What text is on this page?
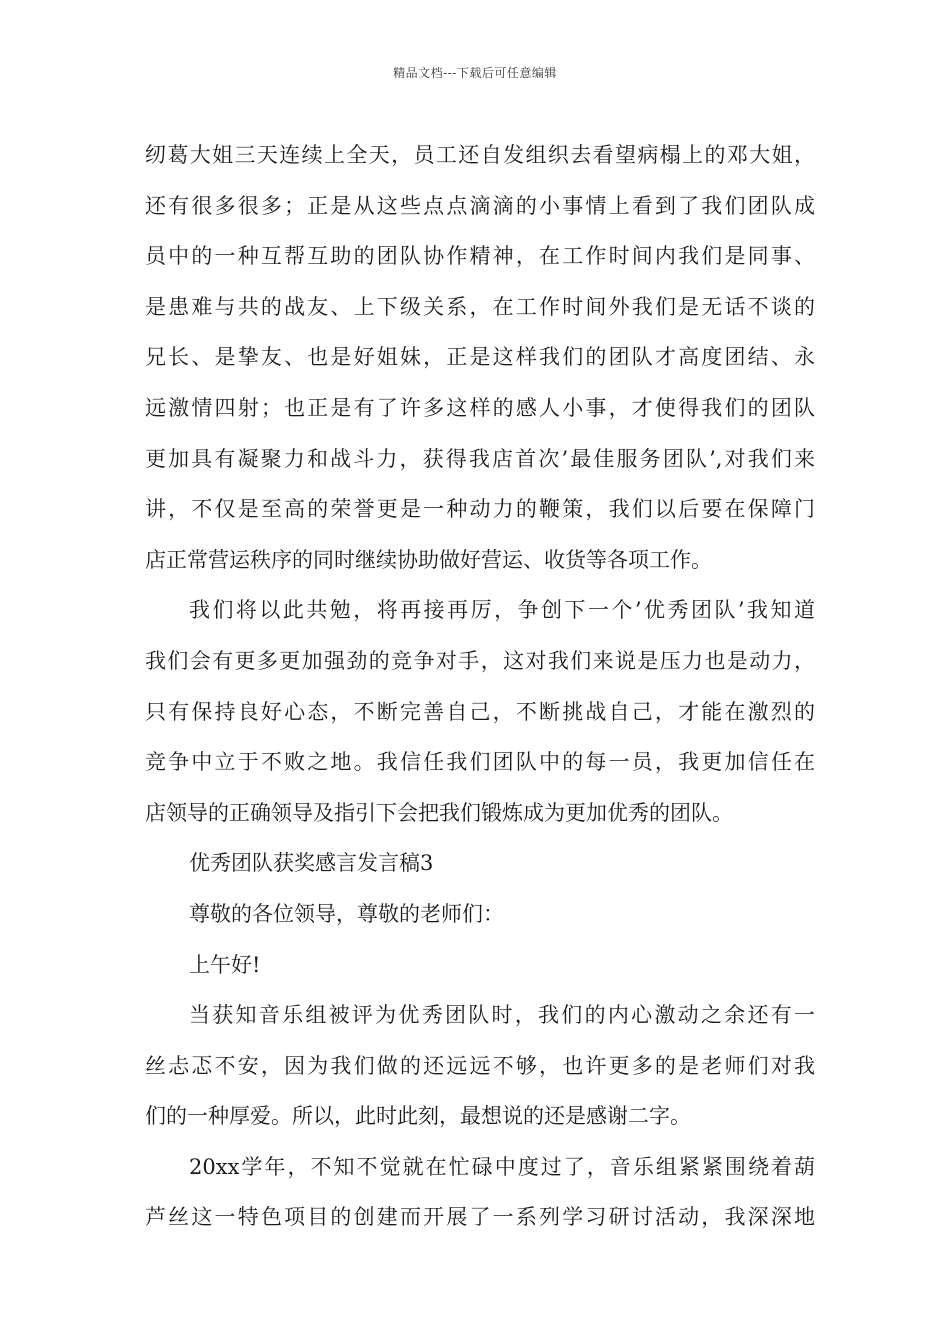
精品文档---下载后可任意编辑
纫葛大姐三天连续上全天，员工还自发组织去看望病榻上的邓大姐，
还有很多很多；正是从这些点点滴滴的小事情上看到了我们团队成
员中的一种互帮互助的团队协作精神，在工作时间内我们是同事、
是患难与共的战友、上下级关系，在工作时间外我们是无话不谈的
兄长、是挚友、也是好姐妹，正是这样我们的团队才高度团结、永
远激情四射；也正是有了许多这样的感人小事，才使得我们的团队
更加具有凝聚力和战斗力，获得我店首次’最佳服务团队’,对我们来
讲，不仅是至高的荣誉更是一种动力的鞭策，我们以后要在保障门
店正常营运秩序的同时继续协助做好营运、收货等各项工作。
我们将以此共勉，将再接再厉，争创下一个’优秀团队’我知道
我们会有更多更加强劲的竞争对手，这对我们来说是压力也是动力，
只有保持良好心态，不断完善自己，不断挑战自己，才能在激烈的
竞争中立于不败之地。我信任我们团队中的每一员，我更加信任在
店领导的正确领导及指引下会把我们锻炼成为更加优秀的团队。
优秀团队获奖感言发言稿3
尊敬的各位领导，尊敬的老师们：
上午好!
当获知音乐组被评为优秀团队时，我们的内心激动之余还有一
丝忐忑不安，因为我们做的还远远不够，也许更多的是老师们对我
们的一种厚爱。所以，此时此刻，最想说的还是感谢二字。
20xx学年，不知不觉就在忙碌中度过了，音乐组紧紧围绕着葫
芦丝这一特色项目的创建而开展了一系列学习研讨活动，我深深地
